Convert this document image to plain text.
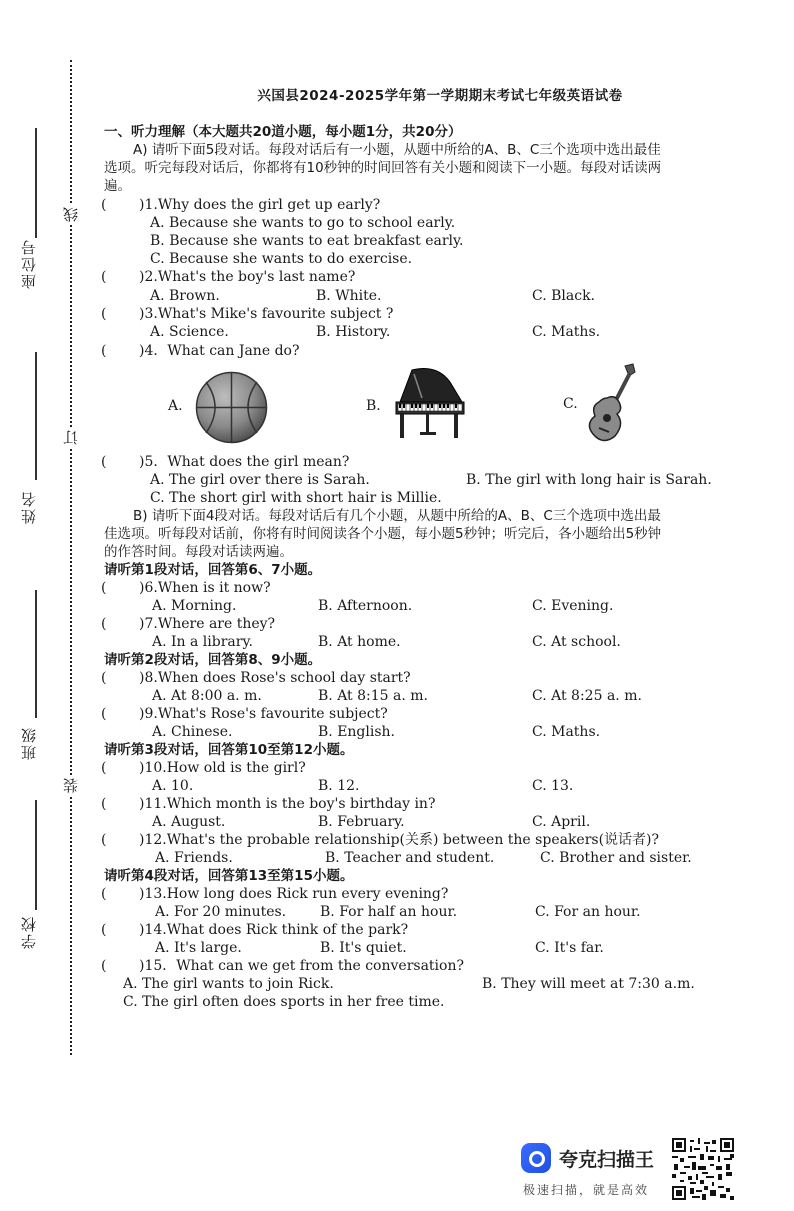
座位号
姓名
班级
学校
线
订
装
兴国县2024-2025学年第一学期期末考试七年级英语试卷
一、听力理解（本大题共20道小题，每小题1分，共20分）
A) 请听下面5段对话。每段对话后有一小题，从题中所给的A、B、C三个选项中选出最佳
选项。听完每段对话后，你都将有10秒钟的时间回答有关小题和阅读下一小题。每段对话读两
遍。
( )1.Why does the girl get up early?
A. Because she wants to go to school early.
B. Because she wants to eat breakfast early.
C. Because she wants to do exercise.
( )2.What's the boy's last name?
A. Brown.	B. White.	C. Black.
( )3.What's Mike's favourite subject ?
A. Science.	B. History.	C. Maths.
( )4．What can Jane do?
A.	B.	C.
( )5．What does the girl mean?
A. The girl over there is Sarah.	B. The girl with long hair is Sarah.
C. The short girl with short hair is Millie.
B) 请听下面4段对话。每段对话后有几个小题，从题中所给的A、B、C三个选项中选出最
佳选项。听每段对话前，你将有时间阅读各个小题，每小题5秒钟；听完后，各小题给出5秒钟
的作答时间。每段对话读两遍。
请听第1段对话，回答第6、7小题。
( )6.When is it now?
A. Morning.	B. Afternoon.	C. Evening.
( )7.Where are they?
A. In a library.	B. At home.	C. At school.
请听第2段对话，回答第8、9小题。
( )8.When does Rose's school day start?
A. At 8:00 a. m.	B. At 8:15 a. m.	C. At 8:25 a. m.
( )9.What's Rose's favourite subject?
A. Chinese.	B. English.	C. Maths.
请听第3段对话，回答第10至第12小题。
( )10.How old is the girl?
A. 10.	B. 12.	C. 13.
( )11.Which month is the boy's birthday in?
A. August.	B. February.	C. April.
( )12.What's the probable relationship(关系) between the speakers(说话者)?
A. Friends.	B. Teacher and student.	C. Brother and sister.
请听第4段对话，回答第13至第15小题。
( )13.How long does Rick run every evening?
A. For 20 minutes. B. For half an hour.	C. For an hour.
( )14.What does Rick think of the park?
A. It's large.	B. It's quiet.	C. It's far.
( )15．What can we get from the conversation?
A. The girl wants to join Rick.	B. They will meet at 7:30 a.m.
C. The girl often does sports in her free time.
夸克扫描王
极速扫描，就是高效
